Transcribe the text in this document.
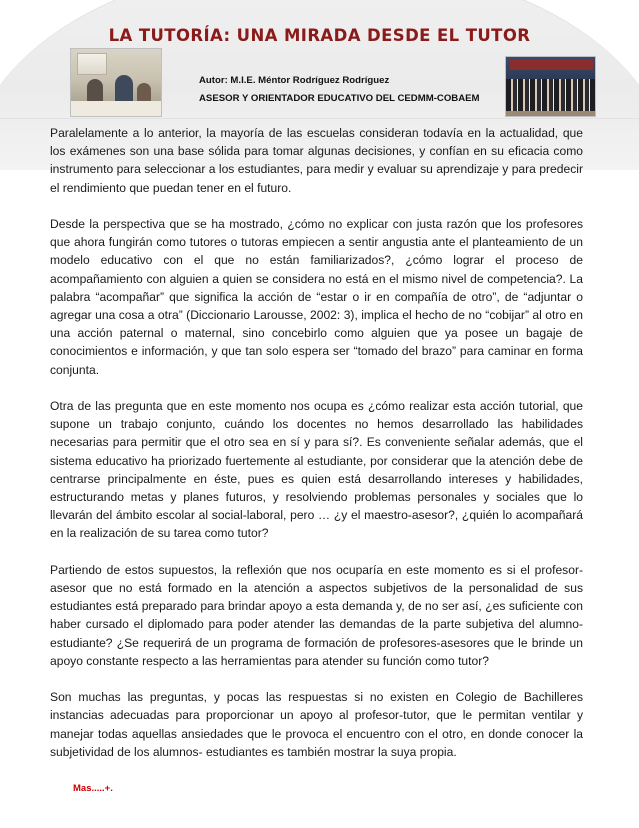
LA TUTORÍA: UNA MIRADA DESDE EL TUTOR
Autor: M.I.E. Méntor Rodríguez Rodríguez
ASESOR Y ORIENTADOR EDUCATIVO DEL CEDMM-COBAEM

Paralelamente a lo anterior, la mayoría de las escuelas consideran todavía en la actualidad, que los exámenes son una base sólida para tomar algunas decisiones, y confían en su eficacia como instrumento para seleccionar a los estudiantes, para medir y evaluar su aprendizaje y para predecir el rendimiento que puedan tener en el futuro.

Desde la perspectiva que se ha mostrado, ¿cómo no explicar con justa razón que los profesores que ahora fungirán como tutores o tutoras empiecen a sentir angustia ante el planteamiento de un modelo educativo con el que no están familiarizados?, ¿cómo lograr el proceso de acompañamiento con alguien a quien se considera no está en el mismo nivel de competencia?. La palabra “acompañar” que significa la acción de “estar o ir en compañía de otro”, de “adjuntar o agregar una cosa a otra” (Diccionario Larousse, 2002: 3), implica el hecho de no “cobijar” al otro en una acción paternal o maternal, sino concebirlo como alguien que ya posee un bagaje de conocimientos e información, y que tan solo espera ser “tomado del brazo” para caminar en forma conjunta.

Otra de las pregunta que en este momento nos ocupa es ¿cómo realizar esta acción tutorial, que supone un trabajo conjunto, cuándo los docentes no hemos desarrollado las habilidades necesarias para permitir que el otro sea en sí y para sí?. Es conveniente señalar además, que el sistema educativo ha priorizado fuertemente al estudiante, por considerar que la atención debe de centrarse principalmente en éste, pues es quien está desarrollando intereses y habilidades, estructurando metas y planes futuros, y resolviendo problemas personales y sociales que lo llevarán del ámbito escolar al social-laboral, pero … ¿y el maestro-asesor?, ¿quién lo acompañará en la realización de su tarea como tutor?

Partiendo de estos supuestos, la reflexión que nos ocuparía en este momento es si el profesor-asesor que no está formado en la atención a aspectos subjetivos de la personalidad de sus estudiantes está preparado para brindar apoyo a esta demanda y, de no ser así, ¿es suficiente con haber cursado el diplomado para poder atender las demandas de la parte subjetiva del alumno-estudiante? ¿Se requerirá de un programa de formación de profesores-asesores que le brinde un apoyo constante respecto a las herramientas para atender su función como tutor?

Son muchas las preguntas, y pocas las respuestas si no existen en Colegio de Bachilleres instancias adecuadas para proporcionar un apoyo al profesor-tutor, que le permitan ventilar y manejar todas aquellas ansiedades que le provoca el encuentro con el otro, en donde conocer la subjetividad de los alumnos- estudiantes es también mostrar la suya propia.

Mas.....+.
